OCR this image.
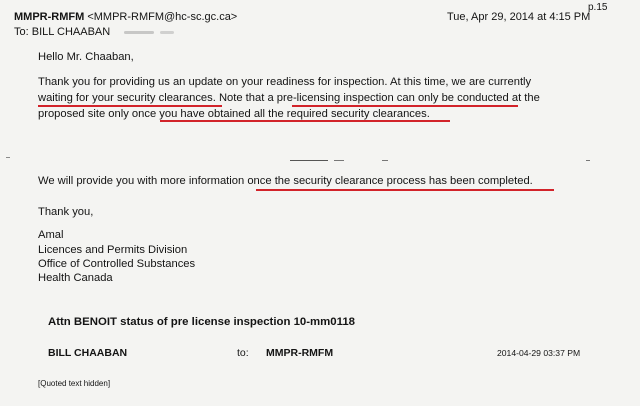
p.15
MMPR-RMFM <MMPR-RMFM@hc-sc.gc.ca>	Tue, Apr 29, 2014 at 4:15 PM
To: BILL CHAABAN
Hello Mr. Chaaban,
Thank you for providing us an update on your readiness for inspection. At this time, we are currently
waiting for your security clearances. Note that a pre-licensing inspection can only be conducted at the
proposed site only once you have obtained all the required security clearances.
We will provide you with more information once the security clearance process has been completed.
Thank you,
Amal
Licences and Permits Division
Office of Controlled Substances
Health Canada
Attn BENOIT status of pre license inspection 10-mm0118
BILL CHAABAN	to: MMPR-RMFM	2014-04-29 03:37 PM
[Quoted text hidden]
